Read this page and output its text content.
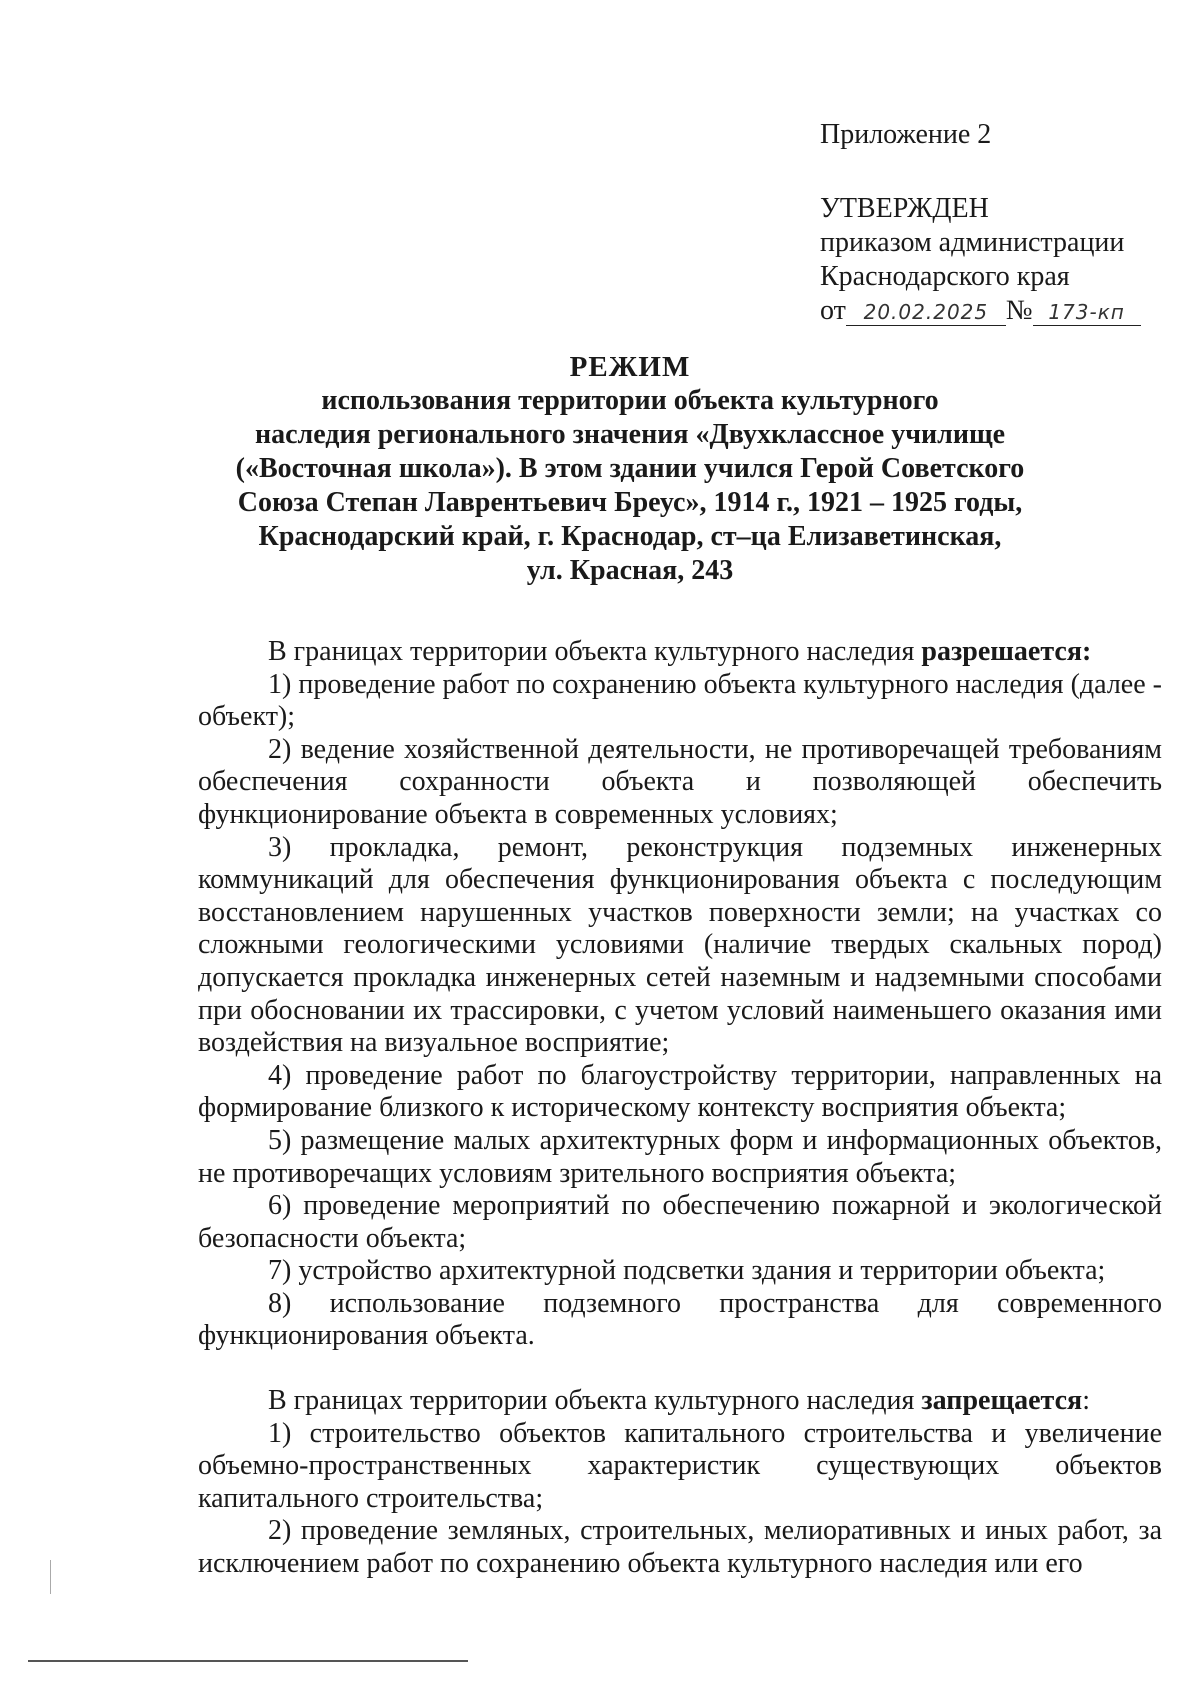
Приложение 2
УТВЕРЖДЕН
приказом администрации
Краснодарского края
от 20.02.2025 № 173-кп
РЕЖИМ
использования территории объекта культурного
наследия регионального значения «Двухклассное училище
(«Восточная школа»). В этом здании учился Герой Советского
Союза Степан Лаврентьевич Бреус», 1914 г., 1921 – 1925 годы,
Краснодарский край, г. Краснодар, ст–ца Елизаветинская,
ул. Красная, 243

В границах территории объекта культурного наследия разрешается:

1) проведение работ по сохранению объекта культурного наследия (далее - объект);

2) ведение хозяйственной деятельности, не противоречащей требованиям обеспечения сохранности объекта и позволяющей обеспечить функционирование объекта в современных условиях;

3) прокладка, ремонт, реконструкция подземных инженерных коммуникаций для обеспечения функционирования объекта с последующим восстановлением нарушенных участков поверхности земли; на участках со сложными геологическими условиями (наличие твердых скальных пород) допускается прокладка инженерных сетей наземным и надземными способами при обосновании их трассировки, с учетом условий наименьшего оказания ими воздействия на визуальное восприятие;

4) проведение работ по благоустройству территории, направленных на формирование близкого к историческому контексту восприятия объекта;

5) размещение малых архитектурных форм и информационных объектов, не противоречащих условиям зрительного восприятия объекта;

6) проведение мероприятий по обеспечению пожарной и экологической безопасности объекта;

7) устройство архитектурной подсветки здания и территории объекта;

8) использование подземного пространства для современного функционирования объекта.

В границах территории объекта культурного наследия запрещается:

1) строительство объектов капитального строительства и увеличение объемно-пространственных характеристик существующих объектов капитального строительства;

2) проведение земляных, строительных, мелиоративных и иных работ, за исключением работ по сохранению объекта культурного наследия или его
